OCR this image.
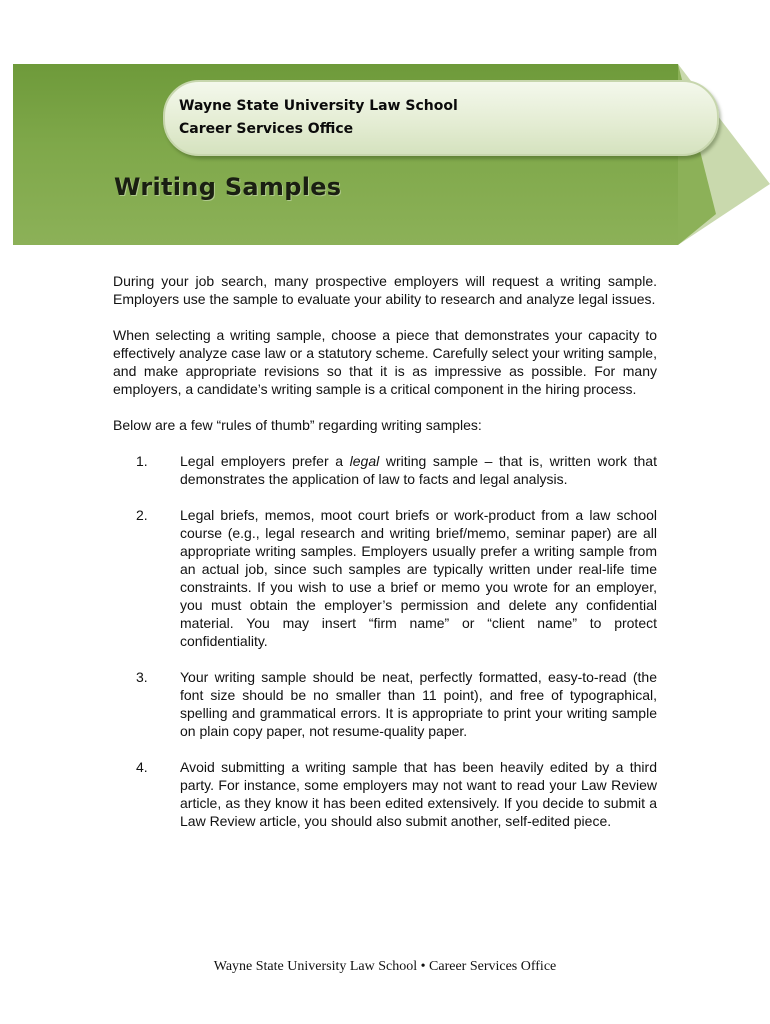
Wayne State University Law School
Career Services Office
Writing Samples

During your job search, many prospective employers will request a writing sample. Employers use the sample to evaluate your ability to research and analyze legal issues.

When selecting a writing sample, choose a piece that demonstrates your capacity to effectively analyze case law or a statutory scheme. Carefully select your writing sample, and make appropriate revisions so that it is as impressive as possible. For many employers, a candidate’s writing sample is a critical component in the hiring process.

Below are a few “rules of thumb” regarding writing samples:

1. Legal employers prefer a legal writing sample – that is, written work that demonstrates the application of law to facts and legal analysis.
2. Legal briefs, memos, moot court briefs or work-product from a law school course (e.g., legal research and writing brief/memo, seminar paper) are all appropriate writing samples. Employers usually prefer a writing sample from an actual job, since such samples are typically written under real-life time constraints. If you wish to use a brief or memo you wrote for an employer, you must obtain the employer’s permission and delete any confidential material. You may insert “firm name” or “client name” to protect confidentiality.
3. Your writing sample should be neat, perfectly formatted, easy-to-read (the font size should be no smaller than 11 point), and free of typographical, spelling and grammatical errors. It is appropriate to print your writing sample on plain copy paper, not resume-quality paper.
4. Avoid submitting a writing sample that has been heavily edited by a third party. For instance, some employers may not want to read your Law Review article, as they know it has been edited extensively. If you decide to submit a Law Review article, you should also submit another, self-edited piece.
Wayne State University Law School • Career Services Office
